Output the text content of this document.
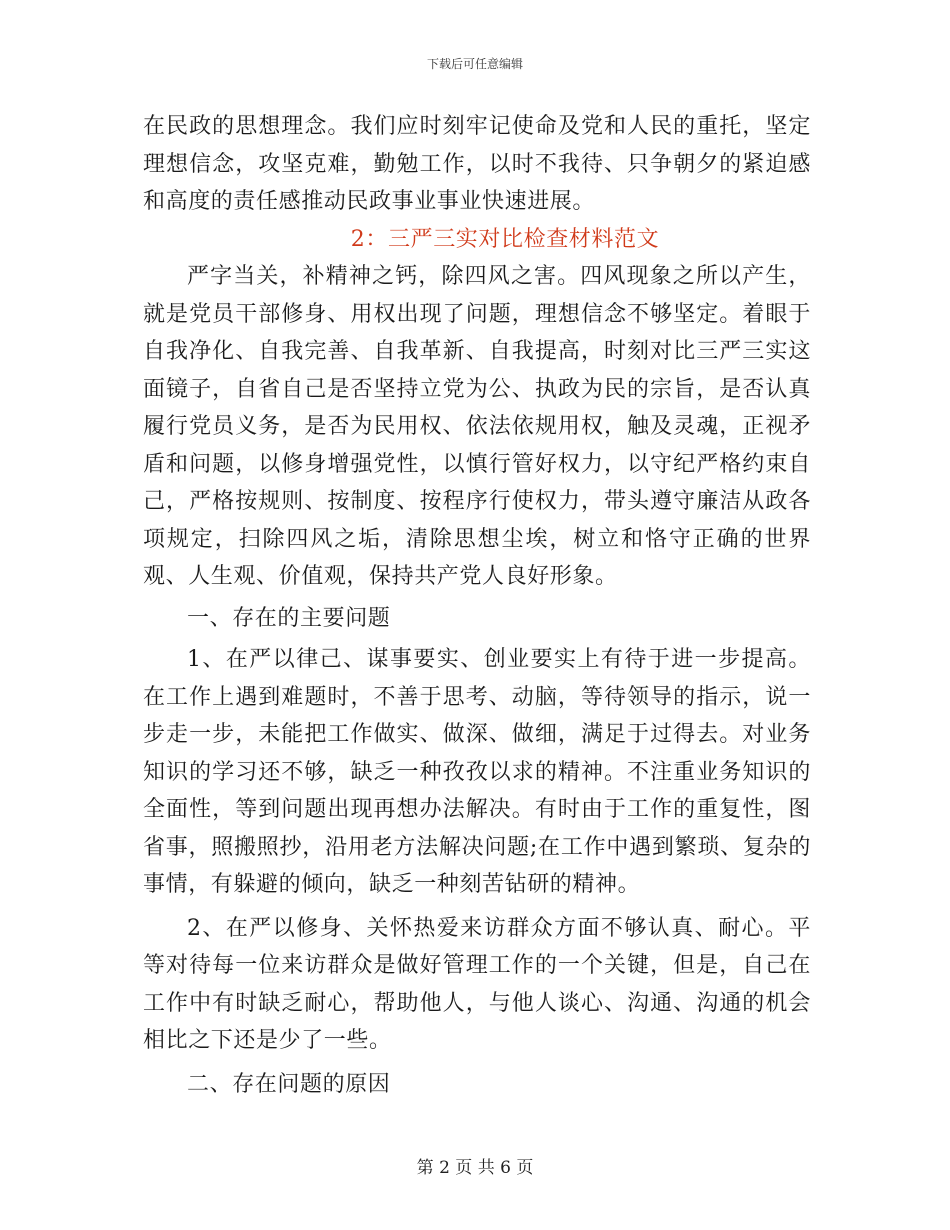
下载后可任意编辑

在民政的思想理念。我们应时刻牢记使命及党和人民的重托，坚定理想信念，攻坚克难，勤勉工作，以时不我待、只争朝夕的紧迫感和高度的责任感推动民政事业事业快速进展。

2：三严三实对比检查材料范文

严字当关，补精神之钙，除四风之害。四风现象之所以产生，就是党员干部修身、用权出现了问题，理想信念不够坚定。着眼于自我净化、自我完善、自我革新、自我提高，时刻对比三严三实这面镜子，自省自己是否坚持立党为公、执政为民的宗旨，是否认真履行党员义务，是否为民用权、依法依规用权，触及灵魂，正视矛盾和问题，以修身增强党性，以慎行管好权力，以守纪严格约束自己，严格按规则、按制度、按程序行使权力，带头遵守廉洁从政各项规定，扫除四风之垢，清除思想尘埃，树立和恪守正确的世界观、人生观、价值观，保持共产党人良好形象。

一、存在的主要问题

1、在严以律己、谋事要实、创业要实上有待于进一步提高。在工作上遇到难题时，不善于思考、动脑，等待领导的指示，说一步走一步，未能把工作做实、做深、做细，满足于过得去。对业务知识的学习还不够，缺乏一种孜孜以求的精神。不注重业务知识的全面性，等到问题出现再想办法解决。有时由于工作的重复性，图省事，照搬照抄，沿用老方法解决问题;在工作中遇到繁琐、复杂的事情，有躲避的倾向，缺乏一种刻苦钻研的精神。

2、在严以修身、关怀热爱来访群众方面不够认真、耐心。平等对待每一位来访群众是做好管理工作的一个关键，但是，自己在工作中有时缺乏耐心，帮助他人，与他人谈心、沟通、沟通的机会相比之下还是少了一些。

二、存在问题的原因

第 2 页 共 6 页
